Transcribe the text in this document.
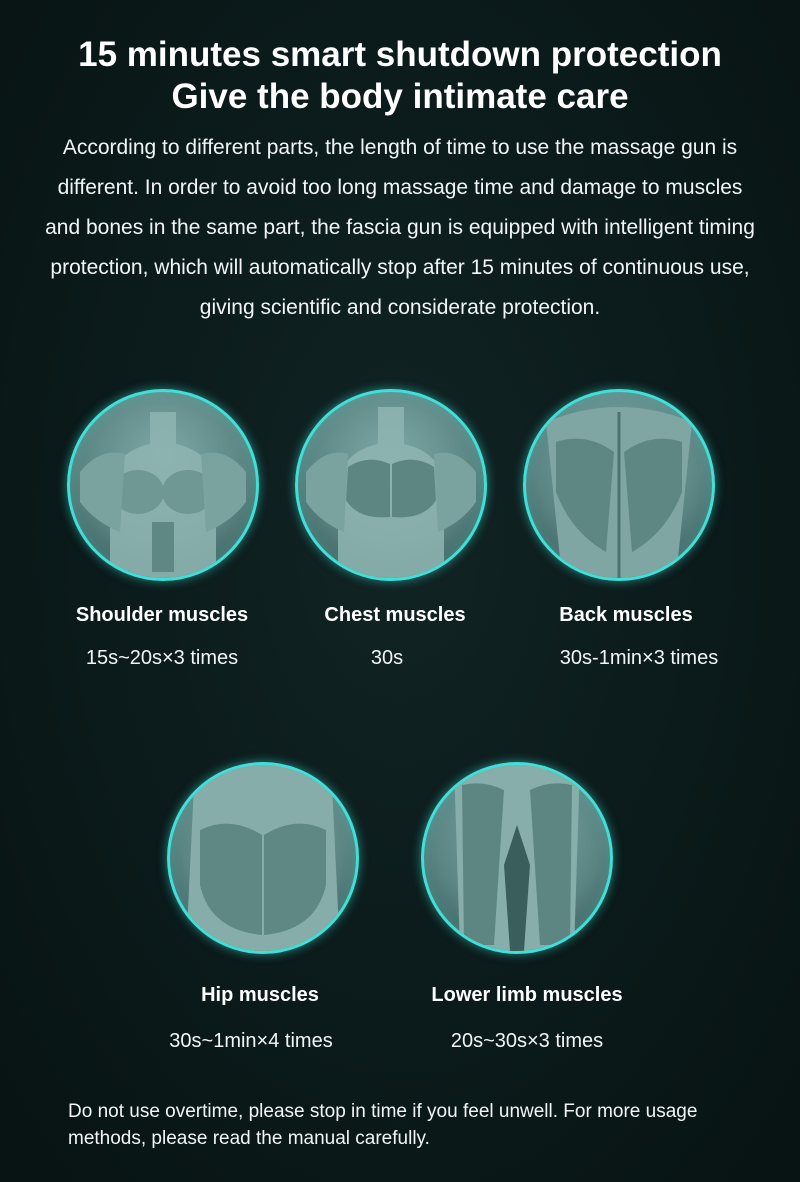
15 minutes smart shutdown protection
Give the body intimate care
According to different parts, the length of time to use the massage gun is different. In order to avoid too long massage time and damage to muscles and bones in the same part, the fascia gun is equipped with intelligent timing protection, which will automatically stop after 15 minutes of continuous use, giving scientific and considerate protection.
Shoulder muscles
15s~20s×3 times
Chest muscles
30s
Back muscles
30s-1min×3 times
Hip muscles
30s~1min×4 times
Lower limb muscles
20s~30s×3 times
Do not use overtime, please stop in time if you feel unwell. For more usage methods, please read the manual carefully.
